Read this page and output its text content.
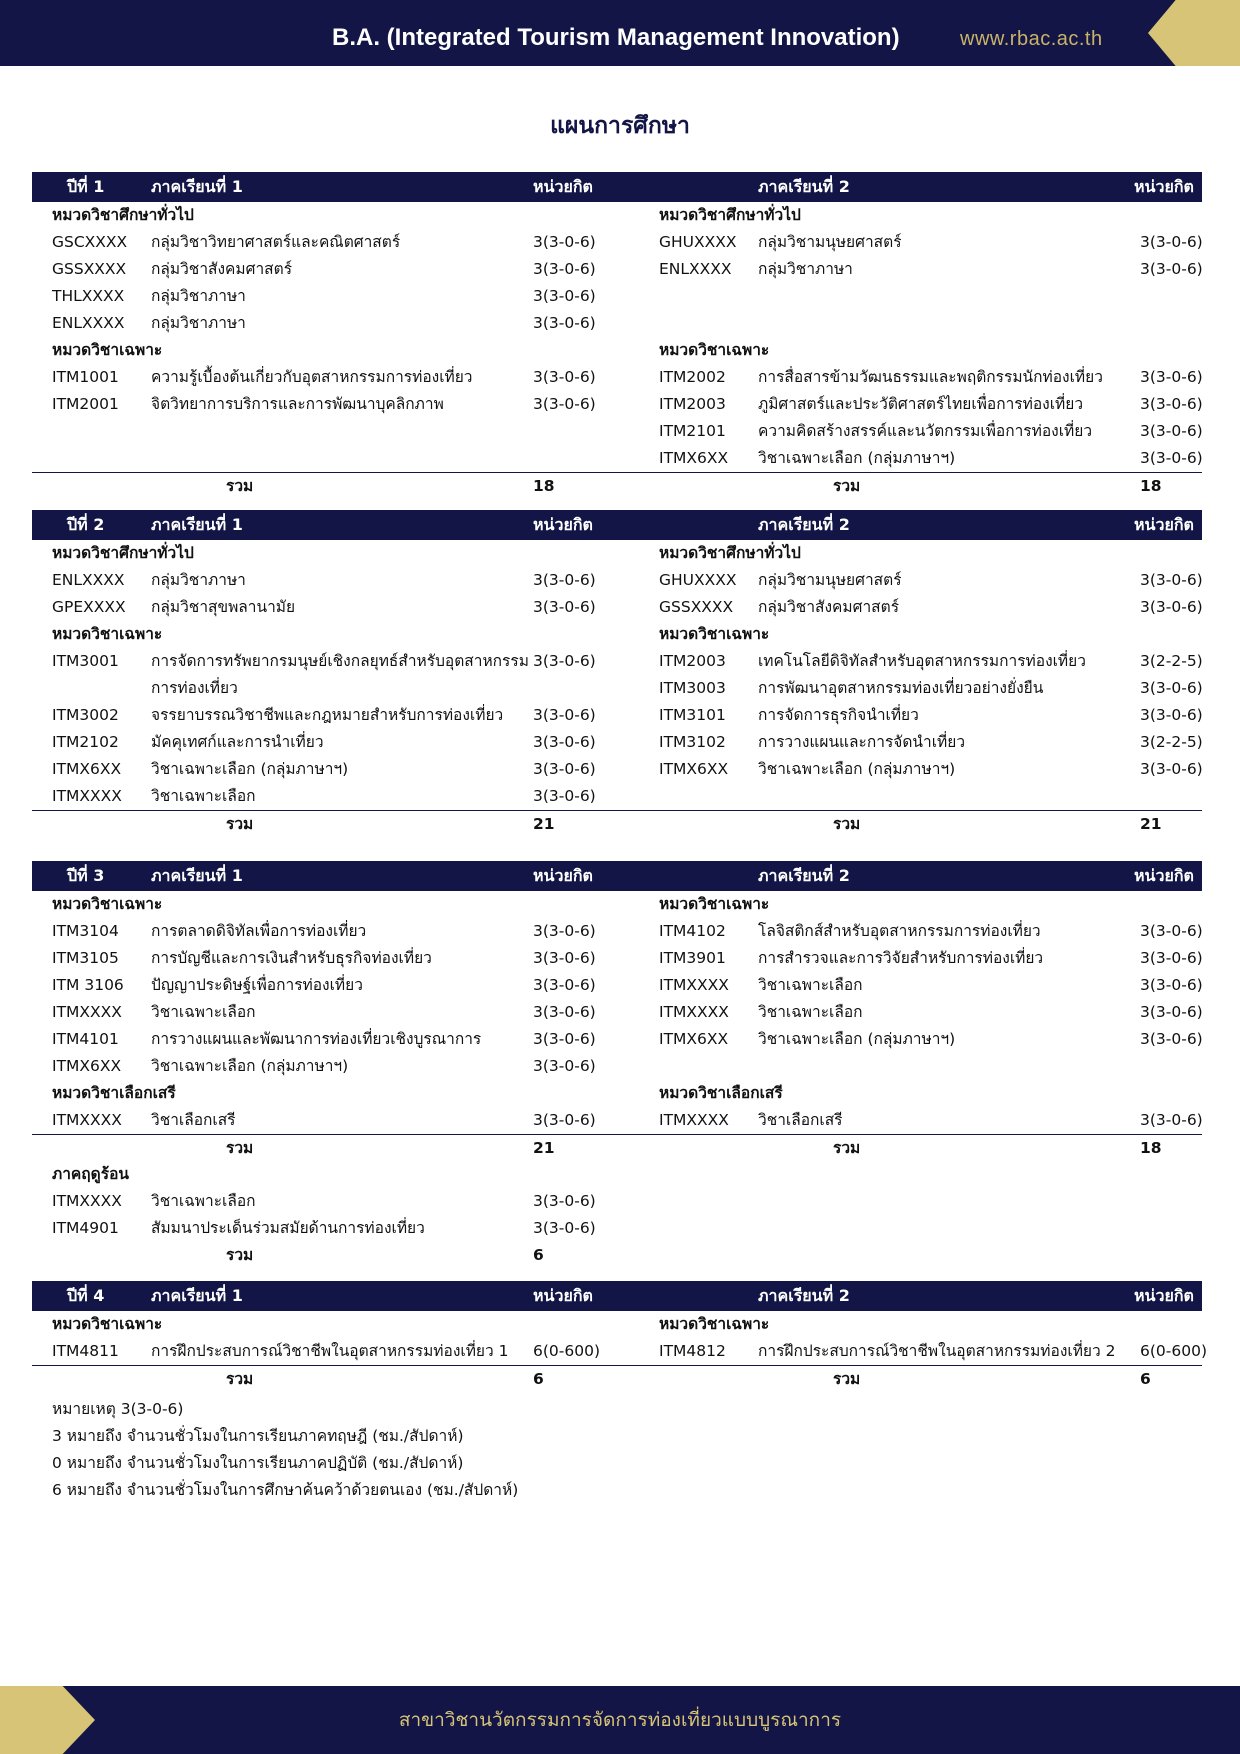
B.A. (Integrated Tourism Management Innovation)	www.rbac.ac.th
แผนการศึกษา
ปีที่ 1	ภาคเรียนที่ 1	หน่วยกิต
หมวดวิชาศึกษาทั่วไป
GSCXXXX กลุ่มวิชาวิทยาศาสตร์และคณิตศาสตร์	3(3-0-6)
GSSXXXX กลุ่มวิชาสังคมศาสตร์	3(3-0-6)
THLXXXX กลุ่มวิชาภาษา	3(3-0-6)
ENLXXXX กลุ่มวิชาภาษา	3(3-0-6)
หมวดวิชาเฉพาะ
ITM1001 ความรู้เบื้องต้นเกี่ยวกับอุตสาหกรรมการท่องเที่ยว	3(3-0-6)
ITM2001 จิตวิทยาการบริการและการพัฒนาบุคลิกภาพ	3(3-0-6)
รวม	18
ภาคเรียนที่ 2	หน่วยกิต
หมวดวิชาศึกษาทั่วไป
GHUXXXX กลุ่มวิชามนุษยศาสตร์	3(3-0-6)
ENLXXXX กลุ่มวิชาภาษา	3(3-0-6)
หมวดวิชาเฉพาะ
ITM2002 การสื่อสารข้ามวัฒนธรรมและพฤติกรรมนักท่องเที่ยว 3(3-0-6)
ITM2003 ภูมิศาสตร์และประวัติศาสตร์ไทยเพื่อการท่องเที่ยว	3(3-0-6)
ITM2101 ความคิดสร้างสรรค์และนวัตกรรมเพื่อการท่องเที่ยว	3(3-0-6)
ITMX6XX วิชาเฉพาะเลือก (กลุ่มภาษาฯ)	3(3-0-6)
รวม	18
ปีที่ 2	ภาคเรียนที่ 1	หน่วยกิต
หมวดวิชาศึกษาทั่วไป
ENLXXXX กลุ่มวิชาภาษา	3(3-0-6)
GPEXXXX กลุ่มวิชาสุขพลานามัย	3(3-0-6)
หมวดวิชาเฉพาะ
ITM3001 การจัดการทรัพยากรมนุษย์เชิงกลยุทธ์สำหรับอุตสาหกรรม 3(3-0-6)
การท่องเที่ยว
ITM3002 จรรยาบรรณวิชาชีพและกฎหมายสำหรับการท่องเที่ยว 3(3-0-6)
ITM2102 มัคคุเทศก์และการนำเที่ยว	3(3-0-6)
ITMX6XX วิชาเฉพาะเลือก (กลุ่มภาษาฯ)	3(3-0-6)
ITMXXXX วิชาเฉพาะเลือก	3(3-0-6)
รวม	21
ภาคเรียนที่ 2	หน่วยกิต
หมวดวิชาศึกษาทั่วไป
GHUXXXX กลุ่มวิชามนุษยศาสตร์	3(3-0-6)
GSSXXXX กลุ่มวิชาสังคมศาสตร์	3(3-0-6)
หมวดวิชาเฉพาะ
ITM2003 เทคโนโลยีดิจิทัลสำหรับอุตสาหกรรมการท่องเที่ยว	3(2-2-5)
ITM3003 การพัฒนาอุตสาหกรรมท่องเที่ยวอย่างยั่งยืน	3(3-0-6)
ITM3101 การจัดการธุรกิจนำเที่ยว	3(3-0-6)
ITM3102 การวางแผนและการจัดนำเที่ยว	3(2-2-5)
ITMX6XX วิชาเฉพาะเลือก (กลุ่มภาษาฯ)	3(3-0-6)
รวม	21
ปีที่ 3	ภาคเรียนที่ 1	หน่วยกิต
หมวดวิชาเฉพาะ
ITM3104 การตลาดดิจิทัลเพื่อการท่องเที่ยว	3(3-0-6)
ITM3105 การบัญชีและการเงินสำหรับธุรกิจท่องเที่ยว	3(3-0-6)
ITM 3106 ปัญญาประดิษฐ์เพื่อการท่องเที่ยว	3(3-0-6)
ITMXXXX วิชาเฉพาะเลือก	3(3-0-6)
ITM4101 การวางแผนและพัฒนาการท่องเที่ยวเชิงบูรณาการ	3(3-0-6)
ITMX6XX วิชาเฉพาะเลือก (กลุ่มภาษาฯ)	3(3-0-6)
หมวดวิชาเลือกเสรี
ITMXXXX วิชาเลือกเสรี	3(3-0-6)
รวม	21
ภาคฤดูร้อน
ITMXXXX วิชาเฉพาะเลือก	3(3-0-6)
ITM4901 สัมมนาประเด็นร่วมสมัยด้านการท่องเที่ยว	3(3-0-6)
รวม	6
ภาคเรียนที่ 2	หน่วยกิต
หมวดวิชาเฉพาะ
ITM4102 โลจิสติกส์สำหรับอุตสาหกรรมการท่องเที่ยว	3(3-0-6)
ITM3901 การสำรวจและการวิจัยสำหรับการท่องเที่ยว	3(3-0-6)
ITMXXXX วิชาเฉพาะเลือก	3(3-0-6)
ITMXXXX วิชาเฉพาะเลือก	3(3-0-6)
ITMX6XX วิชาเฉพาะเลือก (กลุ่มภาษาฯ)	3(3-0-6)
หมวดวิชาเลือกเสรี
ITMXXXX วิชาเลือกเสรี	3(3-0-6)
รวม	18
ปีที่ 4	ภาคเรียนที่ 1	หน่วยกิต
หมวดวิชาเฉพาะ
ITM4811 การฝึกประสบการณ์วิชาชีพในอุตสาหกรรมท่องเที่ยว 1 6(0-600)
รวม	6
ภาคเรียนที่ 2	หน่วยกิต
หมวดวิชาเฉพาะ
ITM4812 การฝึกประสบการณ์วิชาชีพในอุตสาหกรรมท่องเที่ยว 2 6(0-600)
รวม	6
หมายเหตุ 3(3-0-6)
3 หมายถึง จำนวนชั่วโมงในการเรียนภาคทฤษฎี (ชม./สัปดาห์)
0 หมายถึง จำนวนชั่วโมงในการเรียนภาคปฏิบัติ (ชม./สัปดาห์)
6 หมายถึง จำนวนชั่วโมงในการศึกษาค้นคว้าด้วยตนเอง (ชม./สัปดาห์)
สาขาวิชานวัตกรรมการจัดการท่องเที่ยวแบบบูรณาการ
